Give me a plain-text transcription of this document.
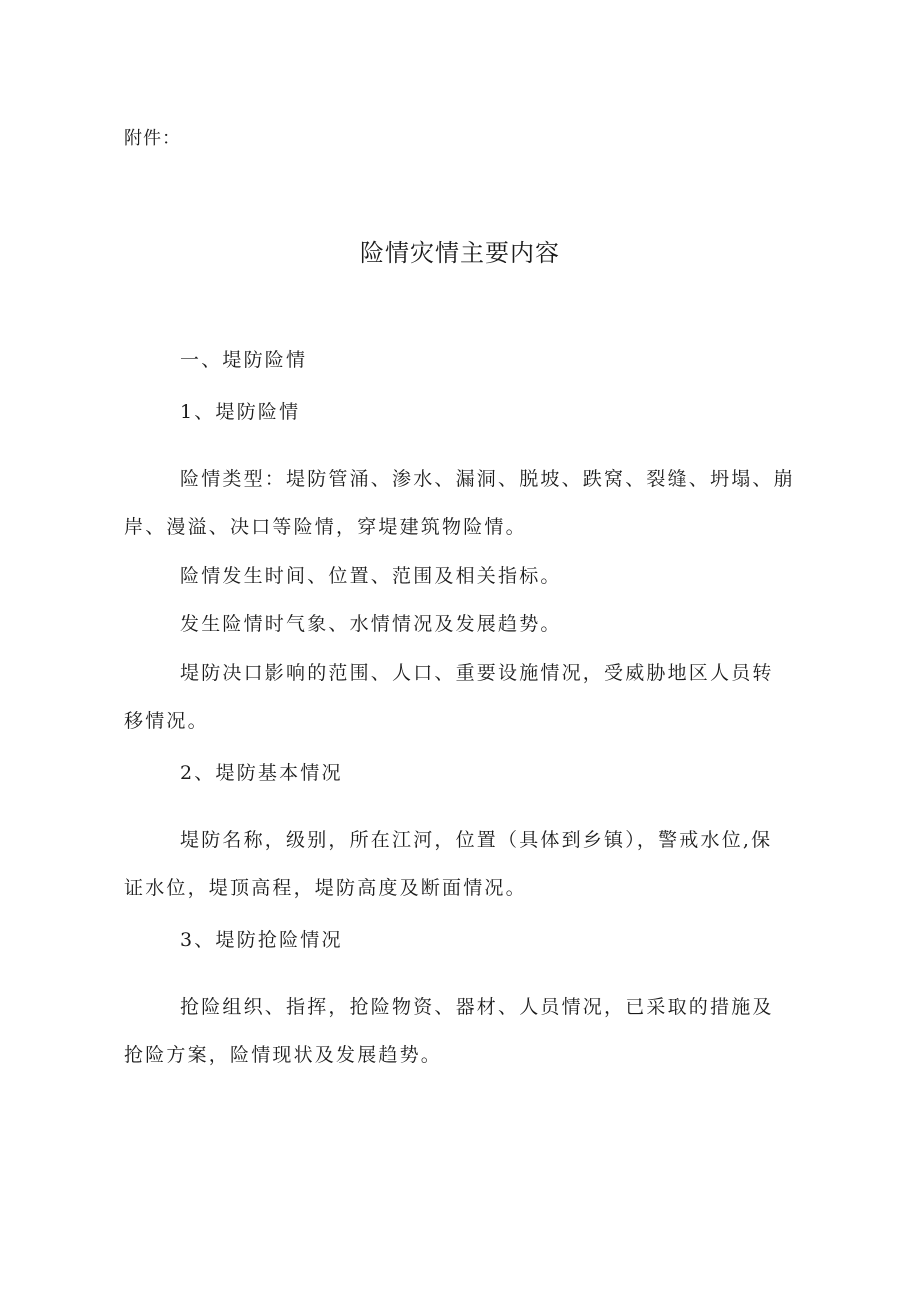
附件：
险情灾情主要内容
一、堤防险情
1、堤防险情
险情类型：堤防管涌、渗水、漏洞、脱坡、跌窝、裂缝、坍塌、崩
岸、漫溢、决口等险情，穿堤建筑物险情。
险情发生时间、位置、范围及相关指标。
发生险情时气象、水情情况及发展趋势。
堤防决口影响的范围、人口、重要设施情况，受威胁地区人员转
移情况。
2、堤防基本情况
堤防名称，级别，所在江河，位置（具体到乡镇），警戒水位,保
证水位，堤顶高程，堤防高度及断面情况。
3、堤防抢险情况
抢险组织、指挥，抢险物资、器材、人员情况，已采取的措施及
抢险方案，险情现状及发展趋势。
